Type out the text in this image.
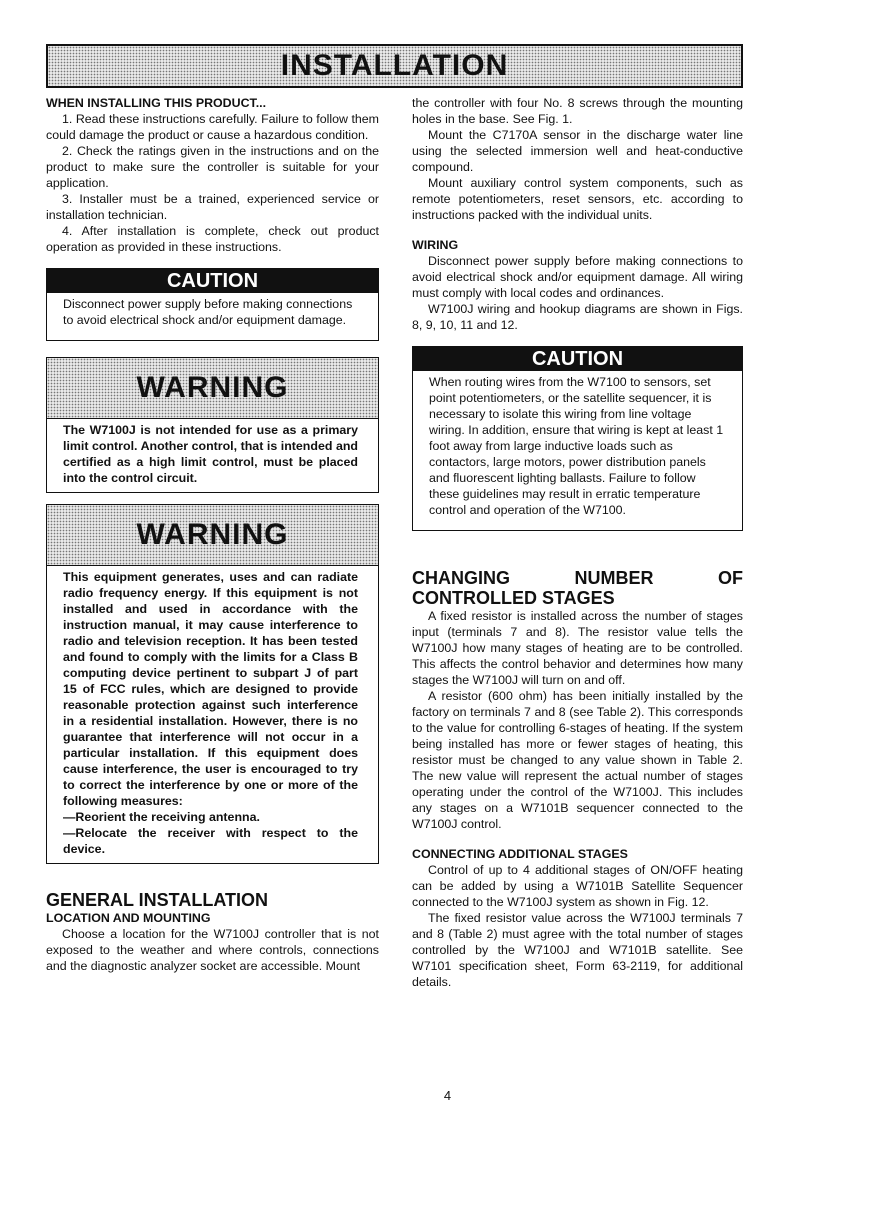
INSTALLATION

WHEN INSTALLING THIS PRODUCT...

1. Read these instructions carefully. Failure to follow them could damage the product or cause a hazardous condition.

2. Check the ratings given in the instructions and on the product to make sure the controller is suitable for your application.

3. Installer must be a trained, experienced service or installation technician.

4. After installation is complete, check out product operation as provided in these instructions.

CAUTION
Disconnect power supply before making connections to avoid electrical shock and/or equipment damage.
WARNING
The W7100J is not intended for use as a primary limit control. Another control, that is intended and certified as a high limit control, must be placed into the control circuit.
WARNING

This equipment generates, uses and can radiate radio frequency energy. If this equipment is not installed and used in accordance with the instruction manual, it may cause interference to radio and television reception. It has been tested and found to comply with the limits for a Class B computing device pertinent to subpart J of part 15 of FCC rules, which are designed to provide reasonable protection against such interference in a residential installation. However, there is no guarantee that interference will not occur in a particular installation. If this equipment does cause interference, the user is encouraged to try to correct the interference by one or more of the following measures:

—Reorient the receiving antenna.

—Relocate the receiver with respect to the device.

GENERAL INSTALLATION

LOCATION AND MOUNTING

Choose a location for the W7100J controller that is not exposed to the weather and where controls, connections and the diagnostic analyzer socket are accessible. Mount

the controller with four No. 8 screws through the mounting holes in the base. See Fig. 1.

Mount the C7170A sensor in the discharge water line using the selected immersion well and heat-conductive compound.

Mount auxiliary control system components, such as remote potentiometers, reset sensors, etc. according to instructions packed with the individual units.

WIRING

Disconnect power supply before making connections to avoid electrical shock and/or equipment damage. All wiring must comply with local codes and ordinances.

W7100J wiring and hookup diagrams are shown in Figs. 8, 9, 10, 11 and 12.

CAUTION
When routing wires from the W7100 to sensors, set point potentiometers, or the satellite sequencer, it is necessary to isolate this wiring from line voltage wiring. In addition, ensure that wiring is kept at least 1 foot away from large inductive loads such as contactors, large motors, power distribution panels and fluorescent lighting ballasts. Failure to follow these guidelines may result in erratic temperature control and operation of the W7100.

CHANGING NUMBER OF CONTROLLED STAGES

A fixed resistor is installed across the number of stages input (terminals 7 and 8). The resistor value tells the W7100J how many stages of heating are to be controlled. This affects the control behavior and determines how many stages the W7100J will turn on and off.

A resistor (600 ohm) has been initially installed by the factory on terminals 7 and 8 (see Table 2). This corresponds to the value for controlling 6-stages of heating. If the system being installed has more or fewer stages of heating, this resistor must be changed to any value shown in Table 2. The new value will represent the actual number of stages operating under the control of the W7100J. This includes any stages on a W7101B sequencer connected to the W7100J control.

CONNECTING ADDITIONAL STAGES

Control of up to 4 additional stages of ON/OFF heating can be added by using a W7101B Satellite Sequencer connected to the W7100J system as shown in Fig. 12.

The fixed resistor value across the W7100J terminals 7 and 8 (Table 2) must agree with the total number of stages controlled by the W7100J and W7101B satellite. See W7101 specification sheet, Form 63-2119, for additional details.

4
